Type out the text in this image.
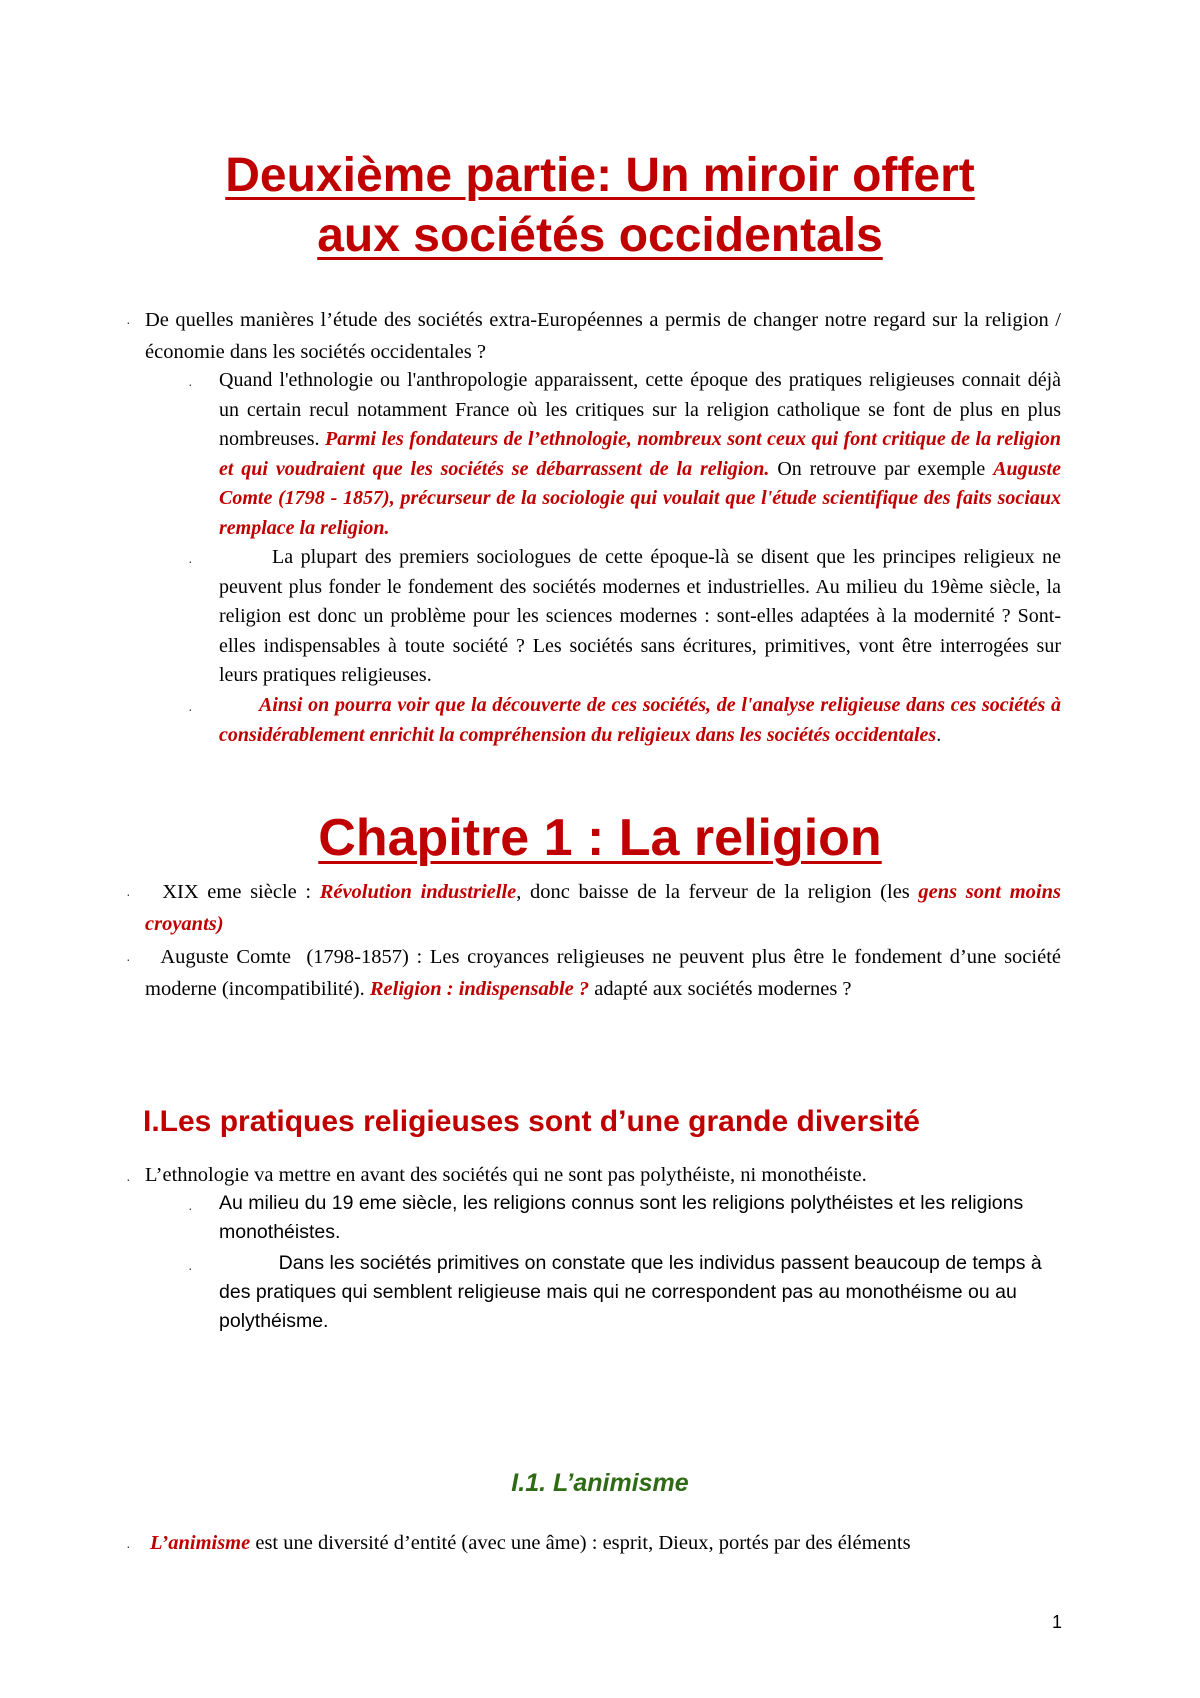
Deuxième partie: Un miroir offert
aux sociétés occidentals
· De quelles manières l’étude des sociétés extra-Européennes a permis de changer notre regard sur la religion / économie dans les sociétés occidentales ?

· Quand l'ethnologie ou l'anthropologie apparaissent, cette époque des pratiques religieuses connait déjà un certain recul notamment France où les critiques sur la religion catholique se font de plus en plus nombreuses. Parmi les fondateurs de l’ethnologie, nombreux sont ceux qui font critique de la religion et qui voudraient que les sociétés se débarrassent de la religion. On retrouve par exemple Auguste Comte (1798 - 1857), précurseur de la sociologie qui voulait que l'étude scientifique des faits sociaux remplace la religion.

· La plupart des premiers sociologues de cette époque-là se disent que les principes religieux ne peuvent plus fonder le fondement des sociétés modernes et industrielles. Au milieu du 19ème siècle, la religion est donc un problème pour les sciences modernes : sont-elles adaptées à la modernité ? Sont-elles indispensables à toute société ? Les sociétés sans écritures, primitives, vont être interrogées sur leurs pratiques religieuses.

· Ainsi on pourra voir que la découverte de ces sociétés, de l'analyse religieuse dans ces sociétés à considérablement enrichit la compréhension du religieux dans les sociétés occidentales.

Chapitre 1 : La religion
· XIX eme siècle : Révolution industrielle, donc baisse de la ferveur de la religion (les gens sont moins croyants)

· Auguste Comte  (1798-1857) : Les croyances religieuses ne peuvent plus être le fondement d’une société moderne (incompatibilité). Religion : indispensable ? adapté aux sociétés modernes ?

I.Les pratiques religieuses sont d’une grande diversité
· L’ethnologie va mettre en avant des sociétés qui ne sont pas polythéiste, ni monothéiste.

· Au milieu du 19 eme siècle, les religions connus sont les religions polythéistes et les religions monothéistes.

· Dans les sociétés primitives on constate que les individus passent beaucoup de temps à des pratiques qui semblent religieuse mais qui ne correspondent pas au monothéisme ou au polythéisme.

I.1. L’animisme
· L’animisme est une diversité d’entité (avec une âme) : esprit, Dieux, portés par des éléments

1
